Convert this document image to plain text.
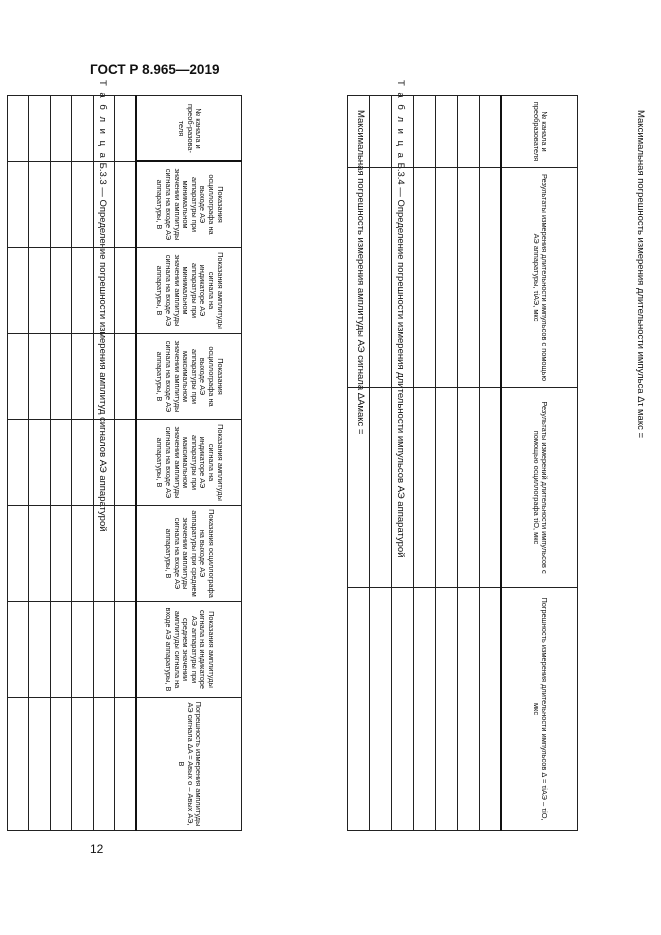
ГОСТ Р 8.965—2019
12
Т а б л и ц а Б.3.3 — Определение погрешности измерения амплитуд сигналов АЭ аппаратурой
№ канала и преоб-разова-теля	Показания осциллографа на выходе АЭ аппаратуры при минимальном значении амплитуды сигнала на входе АЭ аппаратуры, В	Показания амплитуды сигнала на индикаторе АЭ аппаратуры при минимальном значении амплитуды сигнала на входе АЭ аппаратуры, В	Показания осциллографа на выходе АЭ аппаратуры при максимальном значении амплитуды сигнала на входе АЭ аппаратуры, В	Показания амплитуды сигнала на индикаторе АЭ аппаратуры при максимальном значении амплитуды сигнала на входе АЭ аппаратуры, В	Показания осциллографа на выходе АЭ аппаратуры при среднем значении амплитуды сигнала на входе АЭ аппаратуры, В	Показания амплитуды сигнала на индикаторе АЭ аппаратуры при среднем значении амплитуды сигнала на входе АЭ аппаратуры, В	Погрешность измерения амплитуды АЭ сигнала ΔA = Aвых о – Aвых АЭ, В

Максимальная погрешность измерения амплитуды АЭ сигнала ΔAмакс =	Т а б л и ц а Б.3.4 — Определение погрешности измерения длительности импульсов АЭ аппаратурой
№ канала и преобразователя	Результаты измерения длительности импульсов с помощью АЭ аппаратуры, τiАЭ, мкс	Результаты измерений длительности импульсов с помощью осциллографа τiО, мкс	Погрешность измерения длительности импульсов Δ = τiАЭ – τiО, мкс

Максимальная погрешность измерения длительности импульса Δτ макс =
